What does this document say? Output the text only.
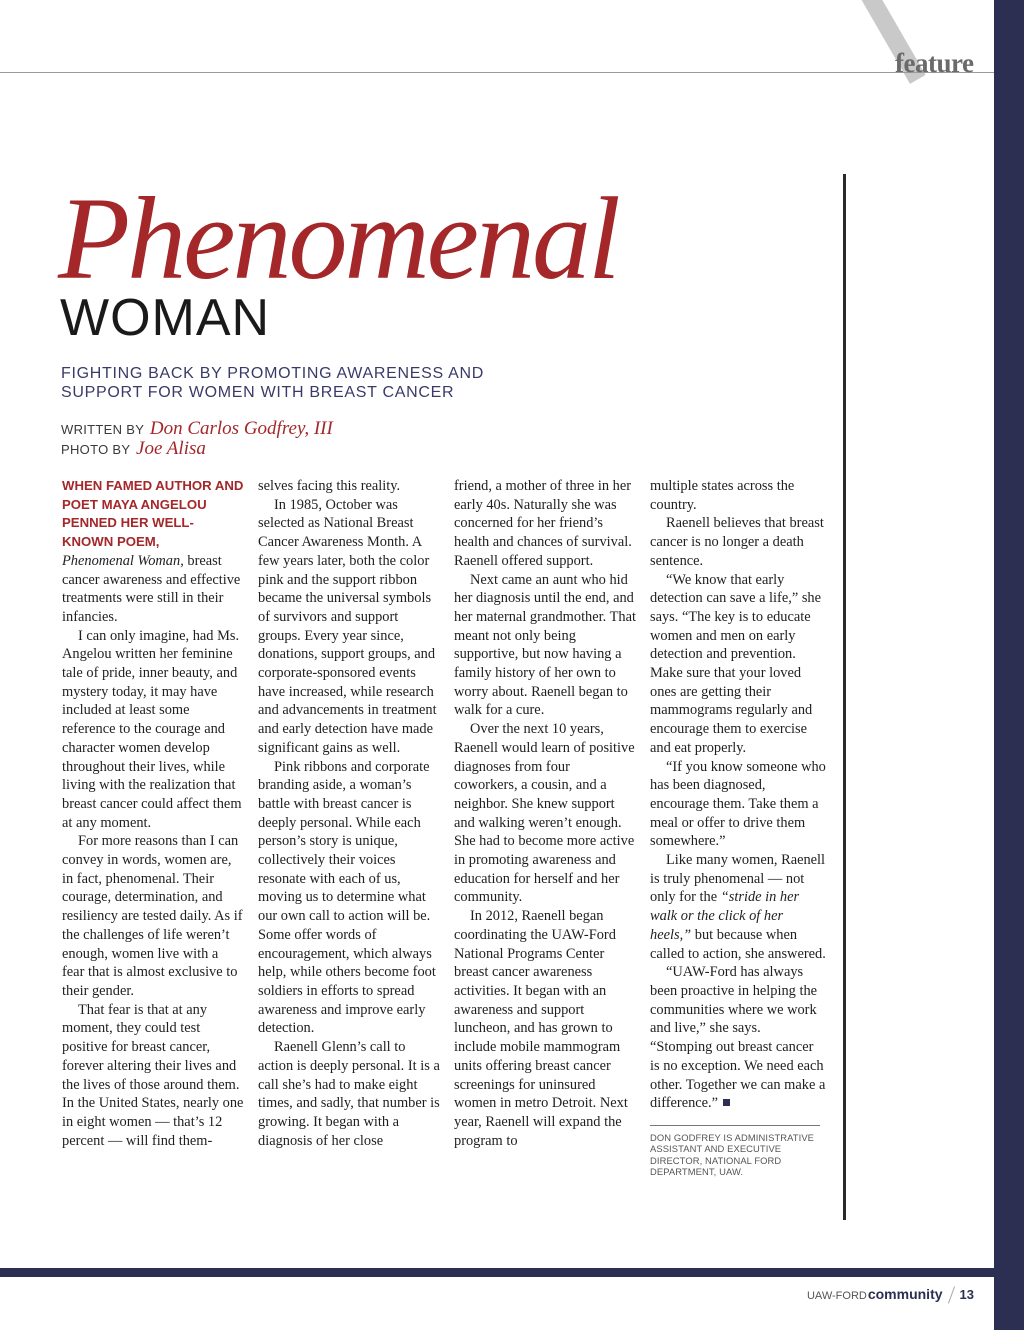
feature
Phenomenal
WOMAN
FIGHTING BACK BY PROMOTING AWARENESS AND SUPPORT FOR WOMEN WITH BREAST CANCER
WRITTEN BY Don Carlos Godfrey, III
PHOTO BY Joe Alisa
WHEN FAMED AUTHOR AND POET MAYA ANGELOU PENNED HER WELL-KNOWN POEM,

Phenomenal Woman, breast cancer awareness and effective treatments were still in their infancies.

I can only imagine, had Ms. Angelou written her feminine tale of pride, inner beauty, and mystery today, it may have included at least some reference to the courage and character women develop throughout their lives, while living with the realization that breast cancer could affect them at any moment.

For more reasons than I can convey in words, women are, in fact, phenomenal. Their courage, determination, and resiliency are tested daily. As if the challenges of life weren’t enough, women live with a fear that is almost exclusive to their gender.

That fear is that at any moment, they could test positive for breast cancer, forever altering their lives and the lives of those around them. In the United States, nearly one in eight women — that’s 12 percent — will find them-

selves facing this reality.

In 1985, October was selected as National Breast Cancer Awareness Month. A few years later, both the color pink and the support ribbon became the universal symbols of survivors and support groups. Every year since, donations, support groups, and corporate-sponsored events have increased, while research and advancements in treatment and early detection have made significant gains as well.

Pink ribbons and corporate branding aside, a woman’s battle with breast cancer is deeply personal. While each person’s story is unique, collectively their voices resonate with each of us, moving us to determine what our own call to action will be. Some offer words of encouragement, which always help, while others become foot soldiers in efforts to spread awareness and improve early detection.

Raenell Glenn’s call to action is deeply personal. It is a call she’s had to make eight times, and sadly, that number is growing. It began with a diagnosis of her close

friend, a mother of three in her early 40s. Naturally she was concerned for her friend’s health and chances of survival. Raenell offered support.

Next came an aunt who hid her diagnosis until the end, and her maternal grandmother. That meant not only being supportive, but now having a family history of her own to worry about. Raenell began to walk for a cure.

Over the next 10 years, Raenell would learn of positive diagnoses from four coworkers, a cousin, and a neighbor. She knew support and walking weren’t enough. She had to become more active in promoting awareness and education for herself and her community.

In 2012, Raenell began coordinating the UAW-Ford National Programs Center breast cancer awareness activities. It began with an awareness and support luncheon, and has grown to include mobile mammogram units offering breast cancer screenings for uninsured women in metro Detroit. Next year, Raenell will expand the program to

multiple states across the country.

Raenell believes that breast cancer is no longer a death sentence.

“We know that early detection can save a life,” she says. “The key is to educate women and men on early detection and prevention. Make sure that your loved ones are getting their mammograms regularly and encourage them to exercise and eat properly.

“If you know someone who has been diagnosed, encourage them. Take them a meal or offer to drive them somewhere.”

Like many women, Raenell is truly phenomenal — not only for the “stride in her walk or the click of her heels,” but because when called to action, she answered.

“UAW-Ford has always been proactive in helping the communities where we work and live,” she says. “Stomping out breast cancer is no exception. We need each other. Together we can make a difference.”

DON GODFREY IS ADMINISTRATIVE ASSISTANT AND EXECUTIVE DIRECTOR, NATIONAL FORD DEPARTMENT, UAW.
UAW-FORD community 13
